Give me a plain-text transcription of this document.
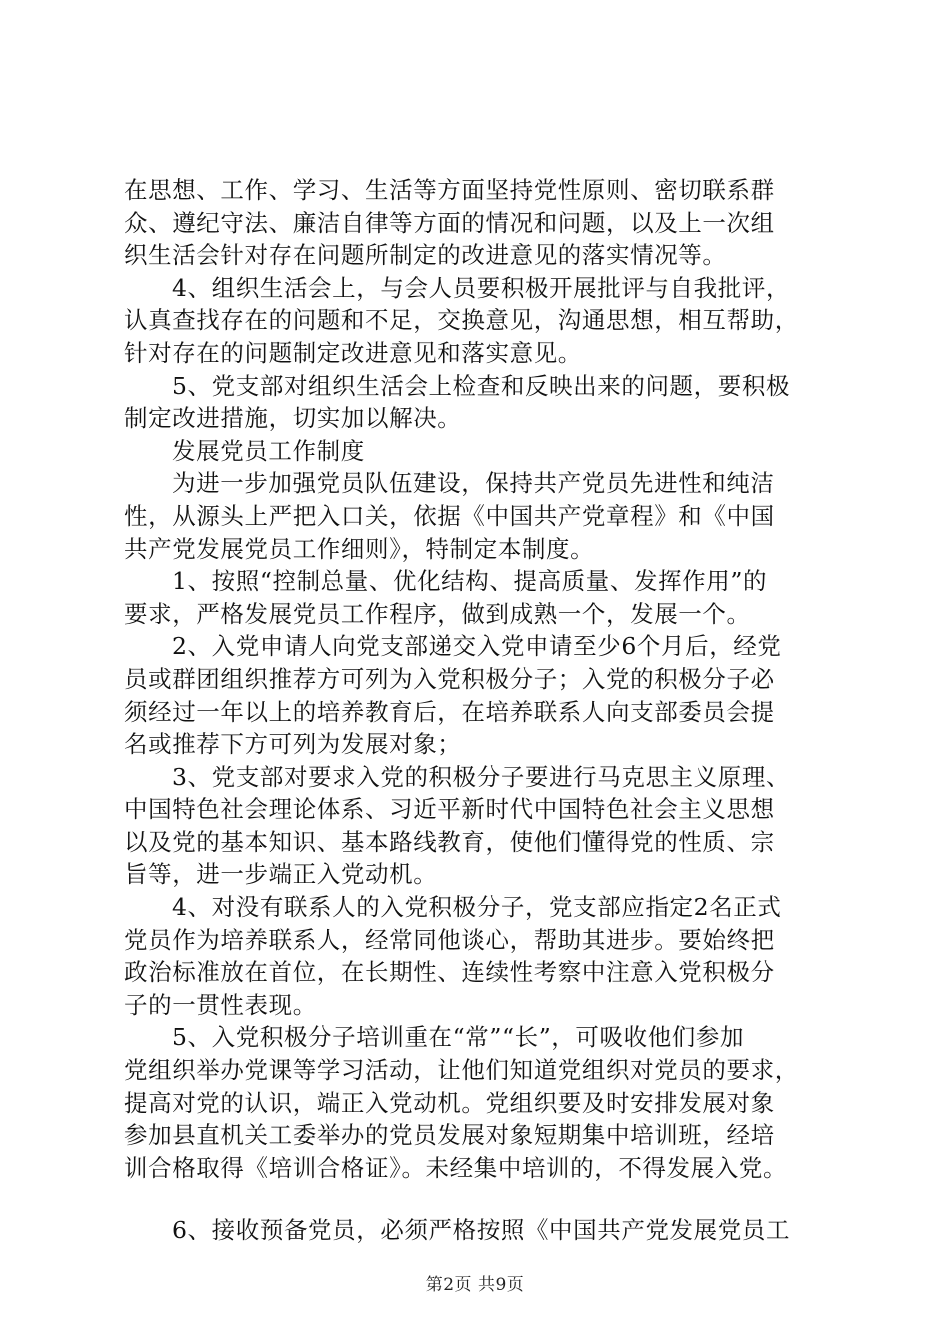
在思想、工作、学习、生活等方面坚持党性原则、密切联系群
众、遵纪守法、廉洁自律等方面的情况和问题，以及上一次组
织生活会针对存在问题所制定的改进意见的落实情况等。
4、组织生活会上，与会人员要积极开展批评与自我批评，
认真查找存在的问题和不足，交换意见，沟通思想，相互帮助，
针对存在的问题制定改进意见和落实意见。
5、党支部对组织生活会上检查和反映出来的问题，要积极
制定改进措施，切实加以解决。
发展党员工作制度
为进一步加强党员队伍建设，保持共产党员先进性和纯洁
性，从源头上严把入口关，依据《中国共产党章程》和《中国
共产党发展党员工作细则》，特制定本制度。
1、按照“控制总量、优化结构、提高质量、发挥作用”的
要求，严格发展党员工作程序，做到成熟一个，发展一个。
2、入党申请人向党支部递交入党申请至少6个月后，经党
员或群团组织推荐方可列为入党积极分子；入党的积极分子必
须经过一年以上的培养教育后，在培养联系人向支部委员会提
名或推荐下方可列为发展对象；
3、党支部对要求入党的积极分子要进行马克思主义原理、
中国特色社会理论体系、习近平新时代中国特色社会主义思想
以及党的基本知识、基本路线教育，使他们懂得党的性质、宗
旨等，进一步端正入党动机。
4、对没有联系人的入党积极分子，党支部应指定2名正式
党员作为培养联系人，经常同他谈心，帮助其进步。要始终把
政治标准放在首位，在长期性、连续性考察中注意入党积极分
子的一贯性表现。
5、入党积极分子培训重在“常”“长”，可吸收他们参加
党组织举办党课等学习活动，让他们知道党组织对党员的要求，
提高对党的认识，端正入党动机。党组织要及时安排发展对象
参加县直机关工委举办的党员发展对象短期集中培训班，经培
训合格取得《培训合格证》。未经集中培训的，不得发展入党。
6、接收预备党员，必须严格按照《中国共产党发展党员工
第2页 共9页
